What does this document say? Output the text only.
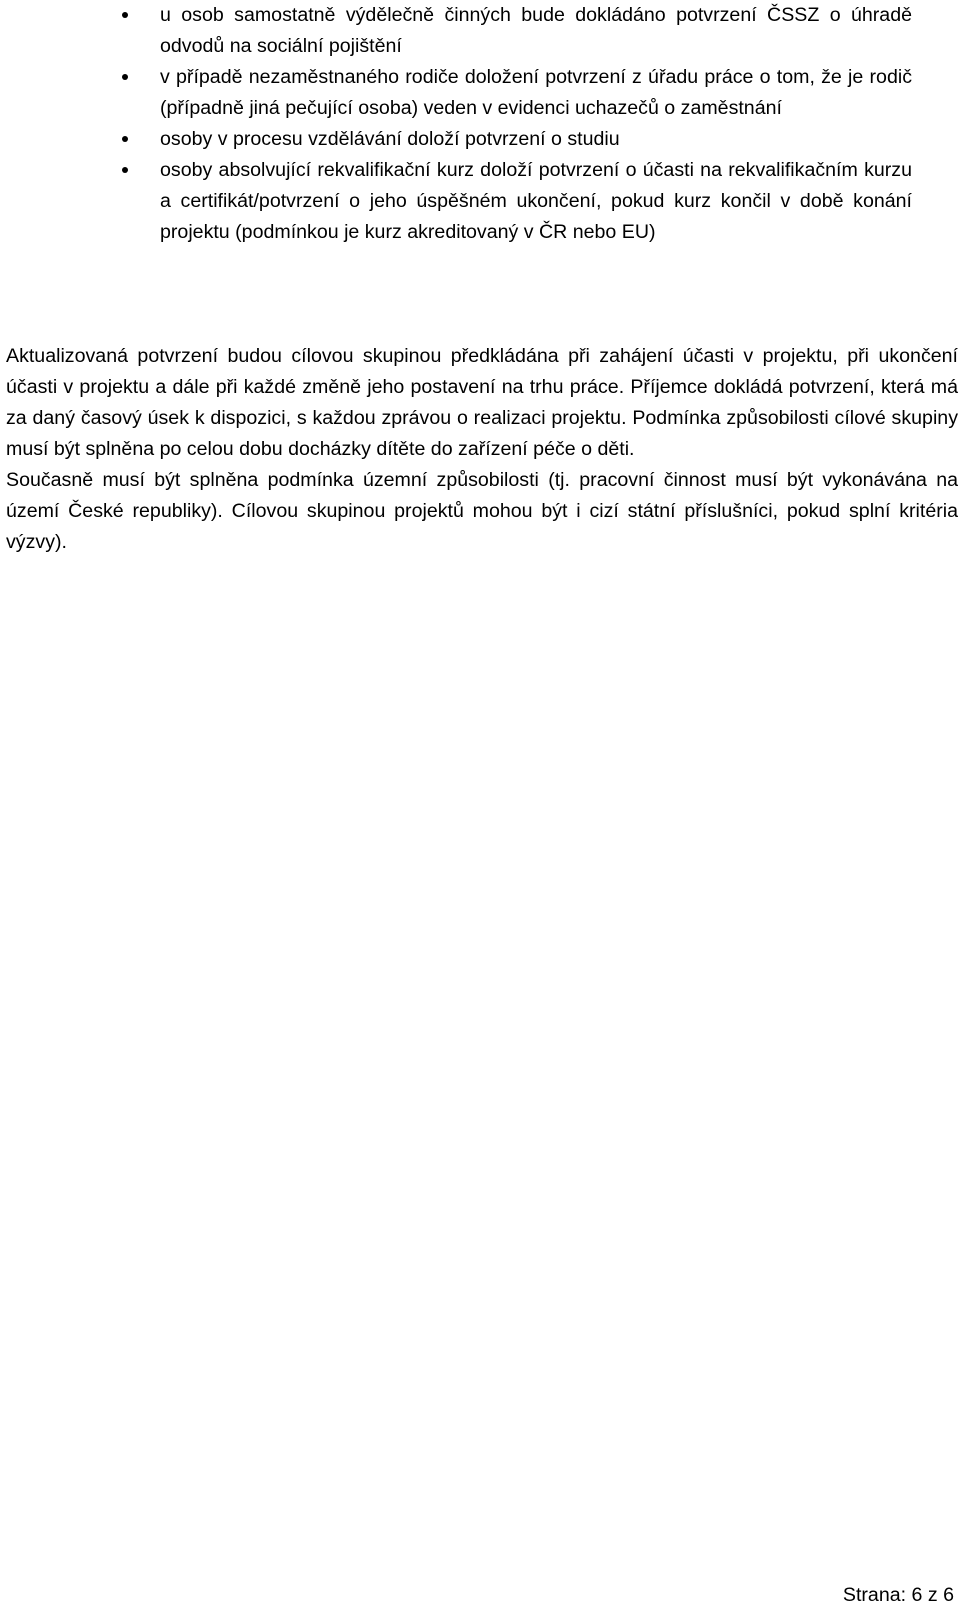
u osob samostatně výdělečně činných bude dokládáno potvrzení ČSSZ o úhradě odvodů na sociální pojištění
v případě nezaměstnaného rodiče doložení potvrzení z úřadu práce o tom, že je rodič (případně jiná pečující osoba) veden v evidenci uchazečů o zaměstnání
osoby v procesu vzdělávání doloží potvrzení o studiu
osoby absolvující rekvalifikační kurz doloží potvrzení o účasti na rekvalifikačním kurzu a certifikát/potvrzení o jeho úspěšném ukončení, pokud kurz končil v době konání projektu (podmínkou je kurz akreditovaný v ČR nebo EU)

Aktualizovaná potvrzení budou cílovou skupinou předkládána při zahájení účasti v projektu, při ukončení účasti v projektu a dále při každé změně jeho postavení na trhu práce. Příjemce dokládá potvrzení, která má za daný časový úsek k dispozici, s každou zprávou o realizaci projektu. Podmínka způsobilosti cílové skupiny musí být splněna po celou dobu docházky dítěte do zařízení péče o děti.

Současně musí být splněna podmínka územní způsobilosti (tj. pracovní činnost musí být vykonávána na území České republiky). Cílovou skupinou projektů mohou být i cizí státní příslušníci, pokud splní kritéria výzvy).

Strana: 6 z 6
